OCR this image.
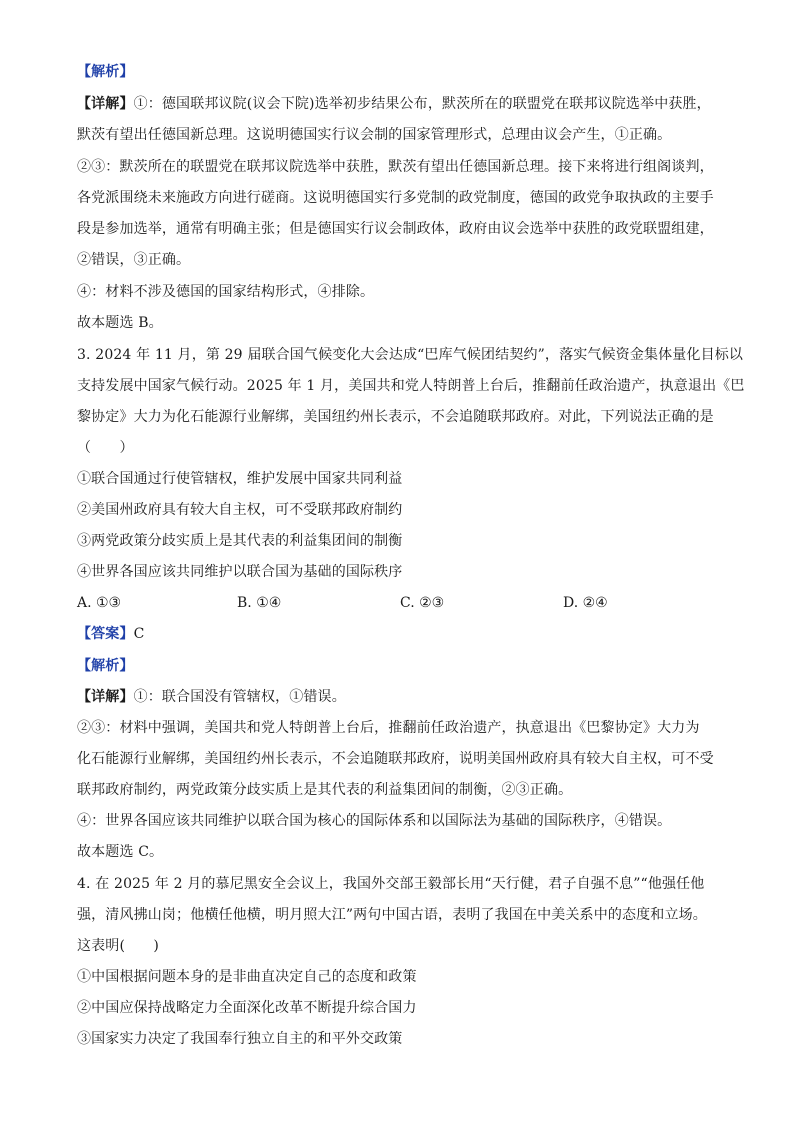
【解析】
【详解】①：德国联邦议院(议会下院)选举初步结果公布，默茨所在的联盟党在联邦议院选举中获胜，
默茨有望出任德国新总理。这说明德国实行议会制的国家管理形式，总理由议会产生，①正确。
②③：默茨所在的联盟党在联邦议院选举中获胜，默茨有望出任德国新总理。接下来将进行组阁谈判，
各党派围绕未来施政方向进行磋商。这说明德国实行多党制的政党制度，德国的政党争取执政的主要手
段是参加选举，通常有明确主张；但是德国实行议会制政体，政府由议会选举中获胜的政党联盟组建，
②错误，③正确。
④：材料不涉及德国的国家结构形式，④排除。
故本题选 B。
3. 2024 年 11 月，第 29 届联合国气候变化大会达成“巴库气候团结契约”，落实气候资金集体量化目标以
支持发展中国家气候行动。2025 年 1 月，美国共和党人特朗普上台后，推翻前任政治遗产，执意退出《巴
黎协定》大力为化石能源行业解绑，美国纽约州长表示，不会追随联邦政府。对此，下列说法正确的是
（　　）
①联合国通过行使管辖权，维护发展中国家共同利益
②美国州政府具有较大自主权，可不受联邦政府制约
③两党政策分歧实质上是其代表的利益集团间的制衡
④世界各国应该共同维护以联合国为基础的国际秩序
A. ①③	B. ①④	C. ②③	D. ②④
【答案】C
【解析】
【详解】①：联合国没有管辖权，①错误。
②③：材料中强调，美国共和党人特朗普上台后，推翻前任政治遗产，执意退出《巴黎协定》大力为
化石能源行业解绑，美国纽约州长表示，不会追随联邦政府，说明美国州政府具有较大自主权，可不受
联邦政府制约，两党政策分歧实质上是其代表的利益集团间的制衡，②③正确。
④：世界各国应该共同维护以联合国为核心的国际体系和以国际法为基础的国际秩序，④错误。
故本题选 C。
4. 在 2025 年 2 月的慕尼黑安全会议上，我国外交部王毅部长用“天行健，君子自强不息”“他强任他
强，清风拂山岗；他横任他横，明月照大江”两句中国古语，表明了我国在中美关系中的态度和立场。
这表明(　　)
①中国根据问题本身的是非曲直决定自己的态度和政策
②中国应保持战略定力全面深化改革不断提升综合国力
③国家实力决定了我国奉行独立自主的和平外交政策
